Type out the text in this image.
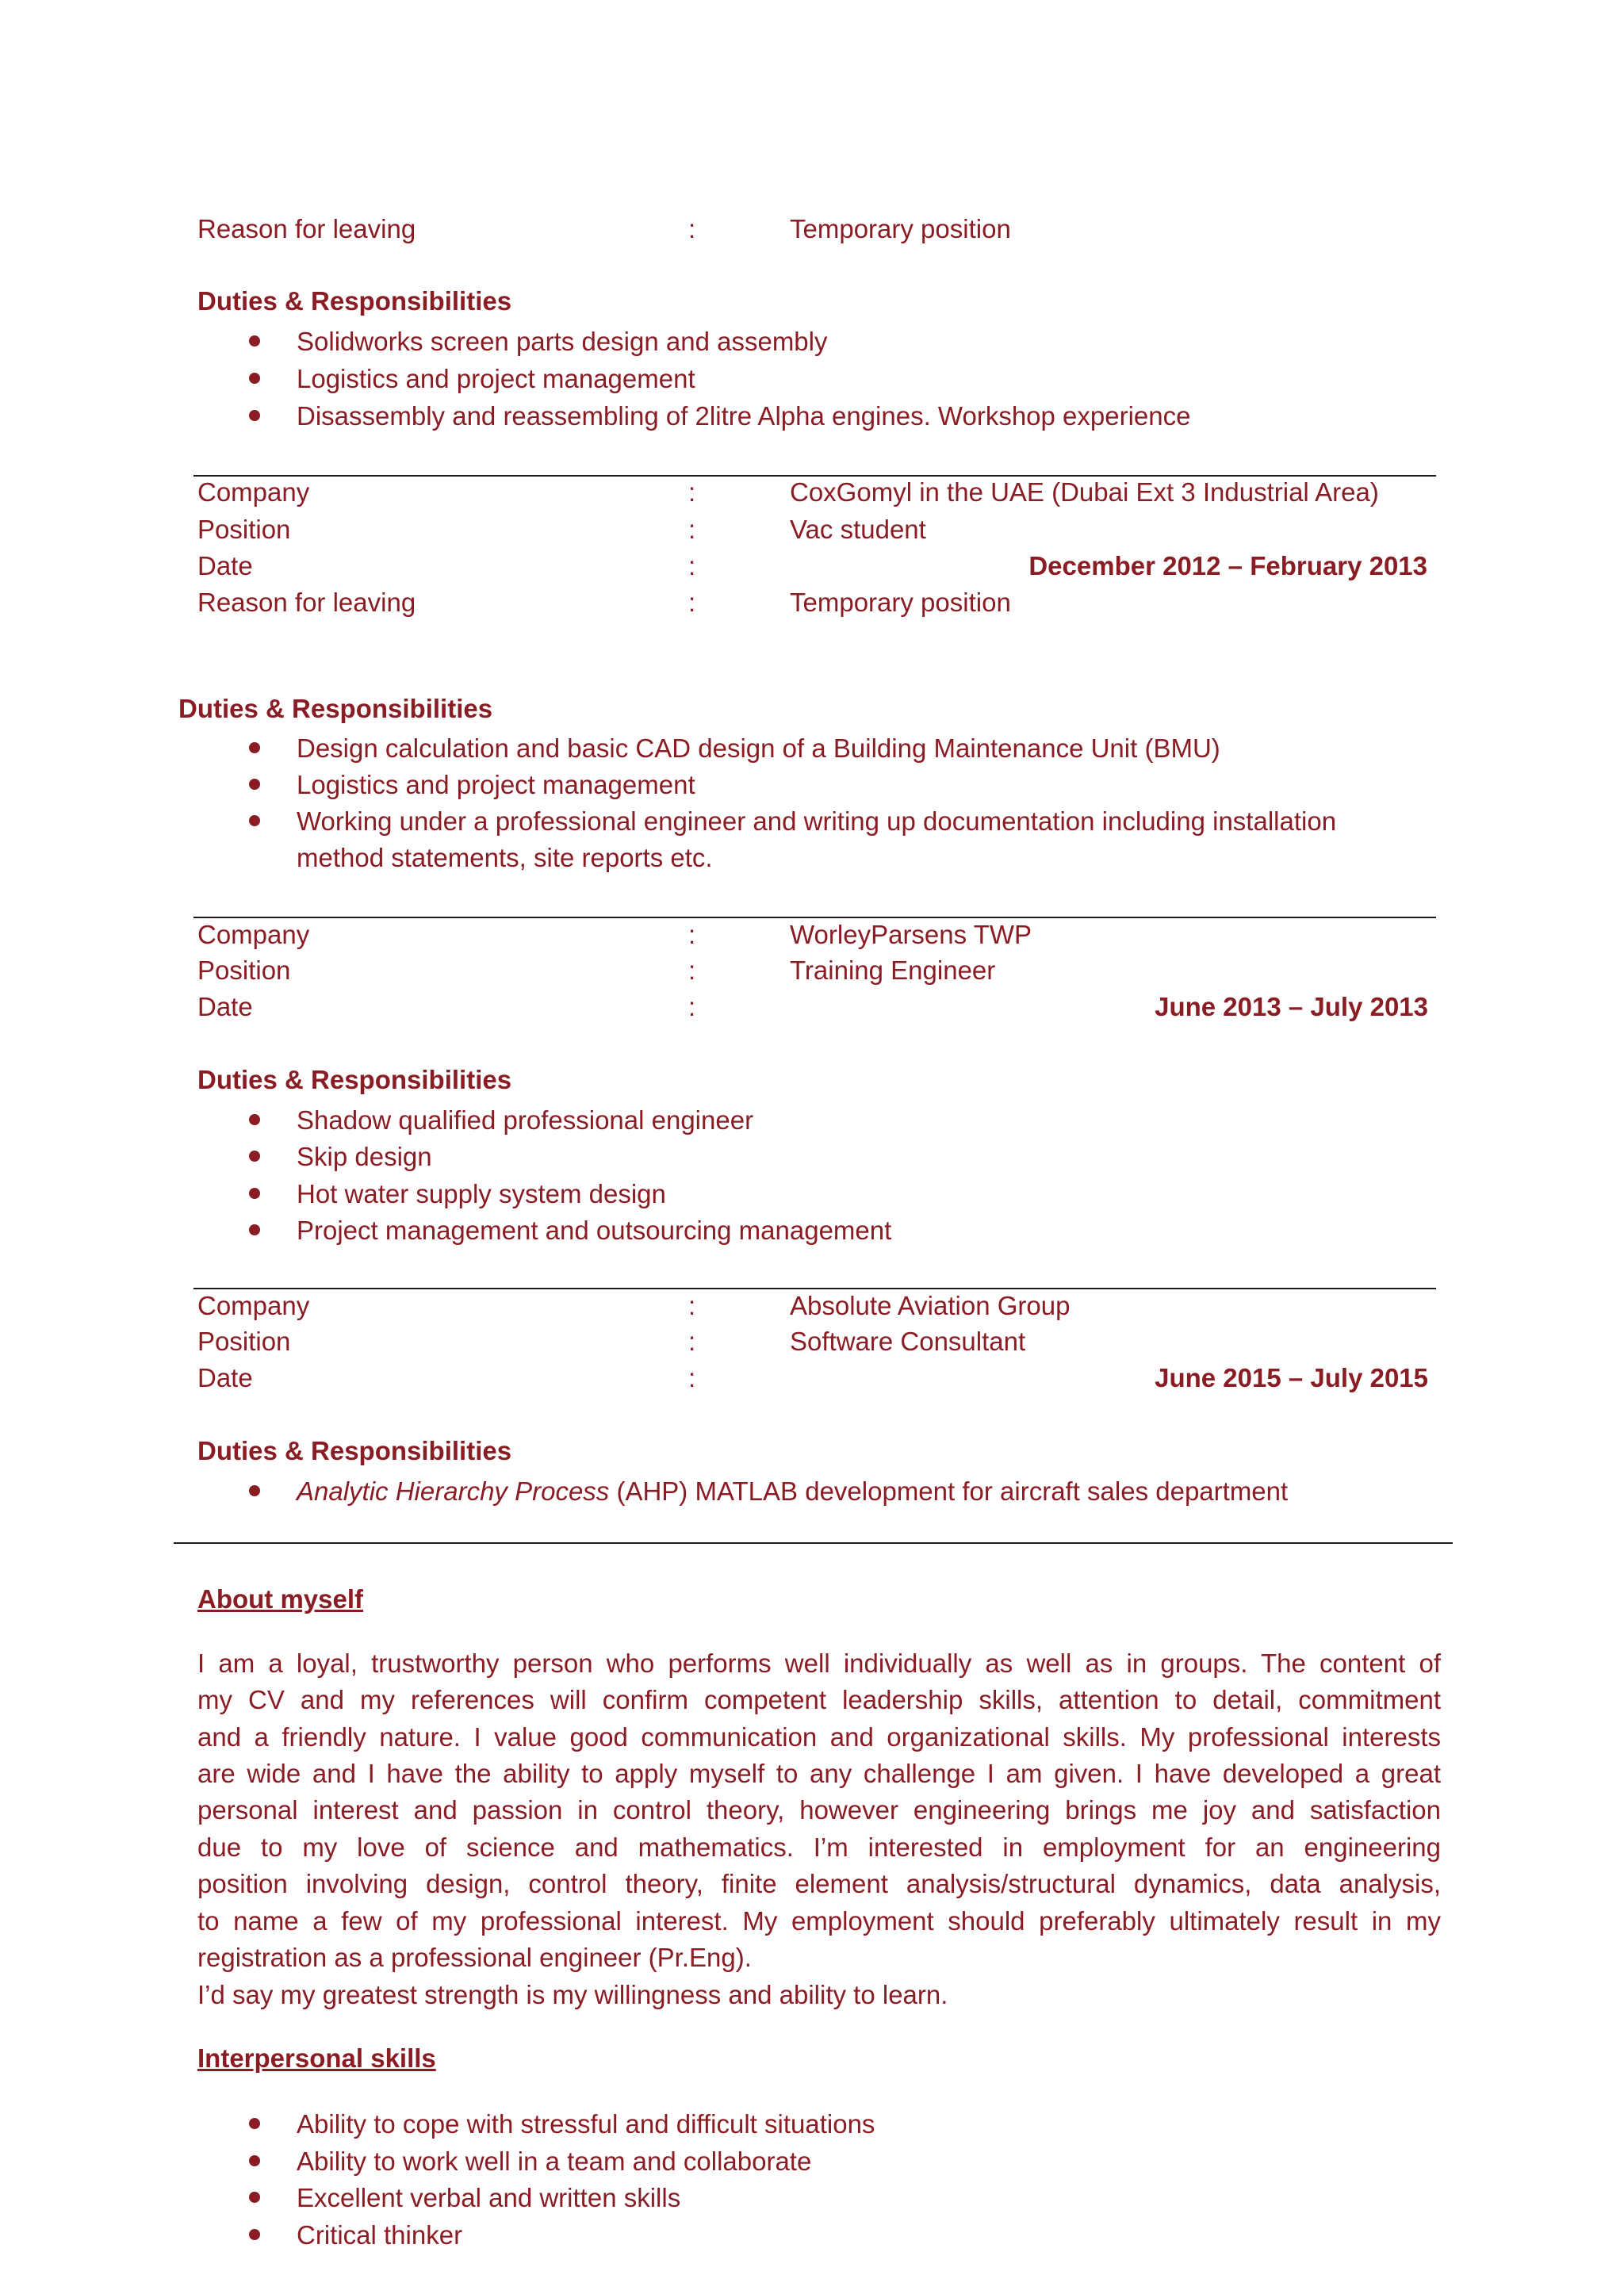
Reason for leaving	:	Temporary position
Duties & Responsibilities
Solidworks screen parts design and assembly
Logistics and project management
Disassembly and reassembling of 2litre Alpha engines. Workshop experience
Company	:	CoxGomyl in the UAE (Dubai Ext 3 Industrial Area)
Position	:	Vac student
Date	:	December 2012 – February 2013
Reason for leaving	:	Temporary position
Duties & Responsibilities
Design calculation and basic CAD design of a Building Maintenance Unit (BMU)
Logistics and project management
Working under a professional engineer and writing up documentation including installation
method statements, site reports etc.
Company	:	WorleyParsens TWP
Position	:	Training Engineer
Date	:	June 2013 – July 2013
Duties & Responsibilities
Shadow qualified professional engineer
Skip design
Hot water supply system design
Project management and outsourcing management
Company	:	Absolute Aviation Group
Position	:	Software Consultant
Date	:	June 2015 – July 2015
Duties & Responsibilities
Analytic Hierarchy Process (AHP) MATLAB development for aircraft sales department
About myself
I am a loyal, trustworthy person who performs well individually as well as in groups. The content of
my CV and my references will confirm competent leadership skills, attention to detail, commitment
and a friendly nature. I value good communication and organizational skills. My professional interests
are wide and I have the ability to apply myself to any challenge I am given. I have developed a great
personal interest and passion in control theory, however engineering brings me joy and satisfaction
due to my love of science and mathematics. I’m interested in employment for an engineering
position involving design, control theory, finite element analysis/structural dynamics, data analysis,
to name a few of my professional interest. My employment should preferably ultimately result in my
registration as a professional engineer (Pr.Eng).
I’d say my greatest strength is my willingness and ability to learn.
Interpersonal skills
Ability to cope with stressful and difficult situations
Ability to work well in a team and collaborate
Excellent verbal and written skills
Critical thinker
